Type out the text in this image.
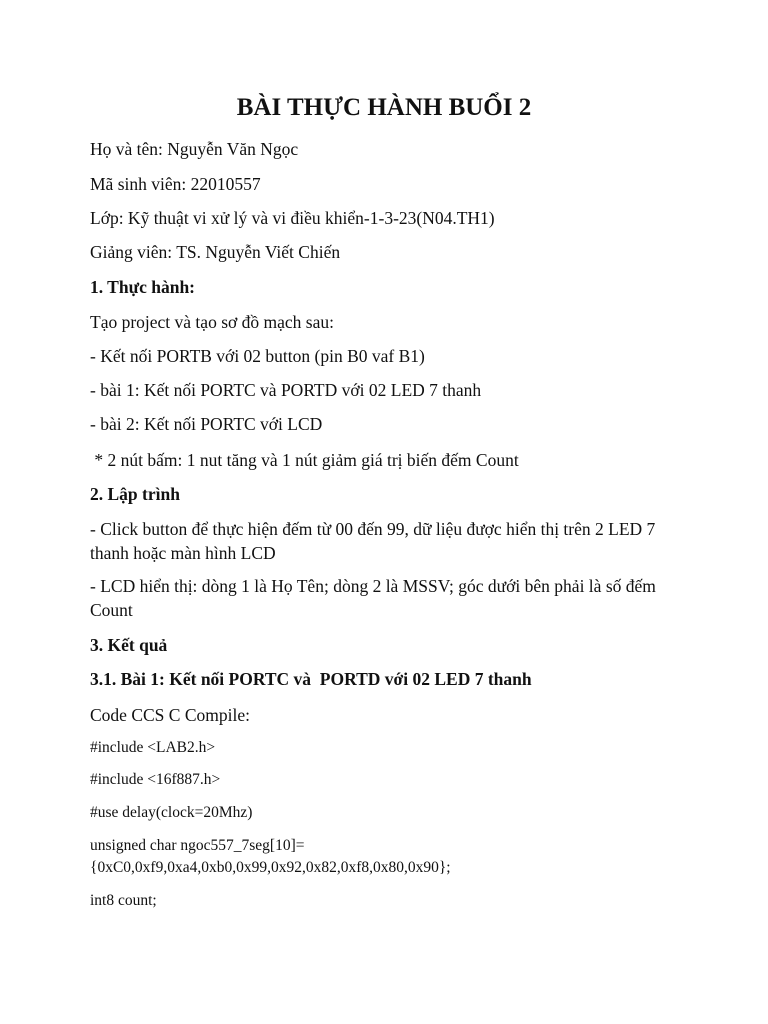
BÀI THỰC HÀNH BUỔI 2
Họ và tên: Nguyễn Văn Ngọc
Mã sinh viên: 22010557
Lớp: Kỹ thuật vi xử lý và vi điều khiển-1-3-23(N04.TH1)
Giảng viên: TS. Nguyễn Viết Chiến
1. Thực hành:
Tạo project và tạo sơ đồ mạch sau:
- Kết nối PORTB với 02 button (pin B0 vaf B1)
- bài 1: Kết nối PORTC và PORTD với 02 LED 7 thanh
- bài 2: Kết nối PORTC với LCD
* 2 nút bấm: 1 nut tăng và 1 nút giảm giá trị biến đếm Count
2. Lập trình
- Click button để thực hiện đếm từ 00 đến 99, dữ liệu được hiển thị trên 2 LED 7 thanh hoặc màn hình LCD
- LCD hiển thị: dòng 1 là Họ Tên; dòng 2 là MSSV; góc dưới bên phải là số đếm Count
3. Kết quả
3.1. Bài 1: Kết nối PORTC và  PORTD với 02 LED 7 thanh
Code CCS C Compile:
#include <LAB2.h>
#include <16f887.h>
#use delay(clock=20Mhz)
unsigned char ngoc557_7seg[10]= {0xC0,0xf9,0xa4,0xb0,0x99,0x92,0x82,0xf8,0x80,0x90};
int8 count;
